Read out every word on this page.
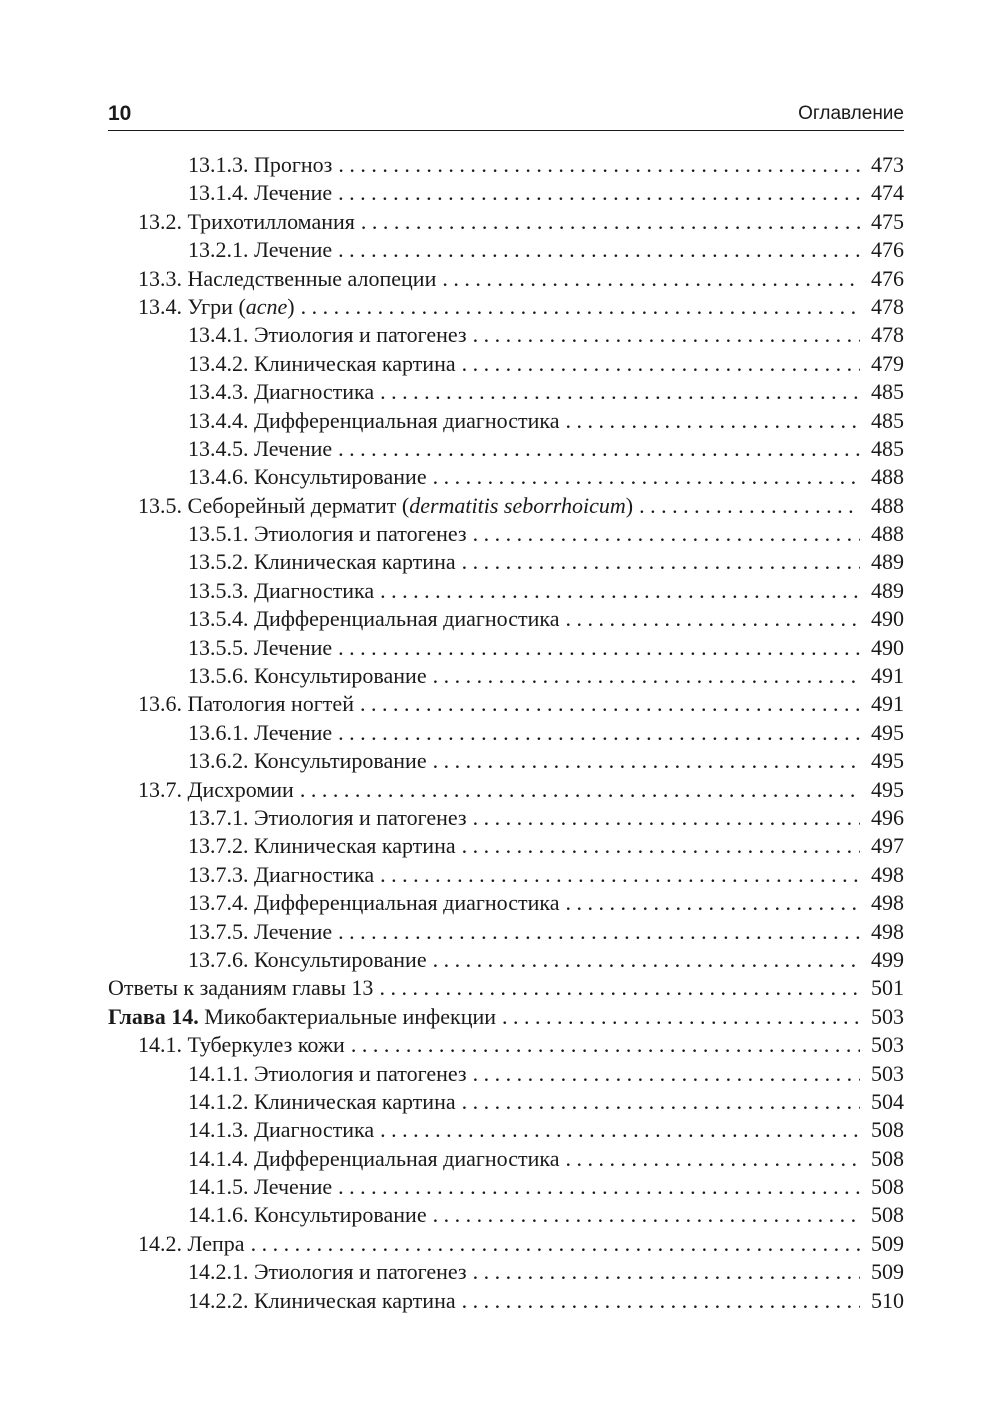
10	Оглавление
13.1.3. Прогноз . . .	473
13.1.4. Лечение . . .	474
13.2. Трихотилломания . . .	475
13.2.1. Лечение . . .	476
13.3. Наследственные алопеции . . .	476
13.4. Угри (acne) . . .	478
13.4.1. Этиология и патогенез . . .	478
13.4.2. Клиническая картина . . .	479
13.4.3. Диагностика . . .	485
13.4.4. Дифференциальная диагностика . . .	485
13.4.5. Лечение . . .	485
13.4.6. Консультирование . . .	488
13.5. Себорейный дерматит (dermatitis seborrhoicum) . . .	488
13.5.1. Этиология и патогенез . . .	488
13.5.2. Клиническая картина . . .	489
13.5.3. Диагностика . . .	489
13.5.4. Дифференциальная диагностика . . .	490
13.5.5. Лечение . . .	490
13.5.6. Консультирование . . .	491
13.6. Патология ногтей . . .	491
13.6.1. Лечение . . .	495
13.6.2. Консультирование . . .	495
13.7. Дисхромии . . .	495
13.7.1. Этиология и патогенез . . .	496
13.7.2. Клиническая картина . . .	497
13.7.3. Диагностика . . .	498
13.7.4. Дифференциальная диагностика . . .	498
13.7.5. Лечение . . .	498
13.7.6. Консультирование . . .	499
Ответы к заданиям главы 13 . . .	501
Глава 14. Микобактериальные инфекции . . .	503
14.1. Туберкулез кожи . . .	503
14.1.1. Этиология и патогенез . . .	503
14.1.2. Клиническая картина . . .	504
14.1.3. Диагностика . . .	508
14.1.4. Дифференциальная диагностика . . .	508
14.1.5. Лечение . . .	508
14.1.6. Консультирование . . .	508
14.2. Лепра . . .	509
14.2.1. Этиология и патогенез . . .	509
14.2.2. Клиническая картина . . .	510
